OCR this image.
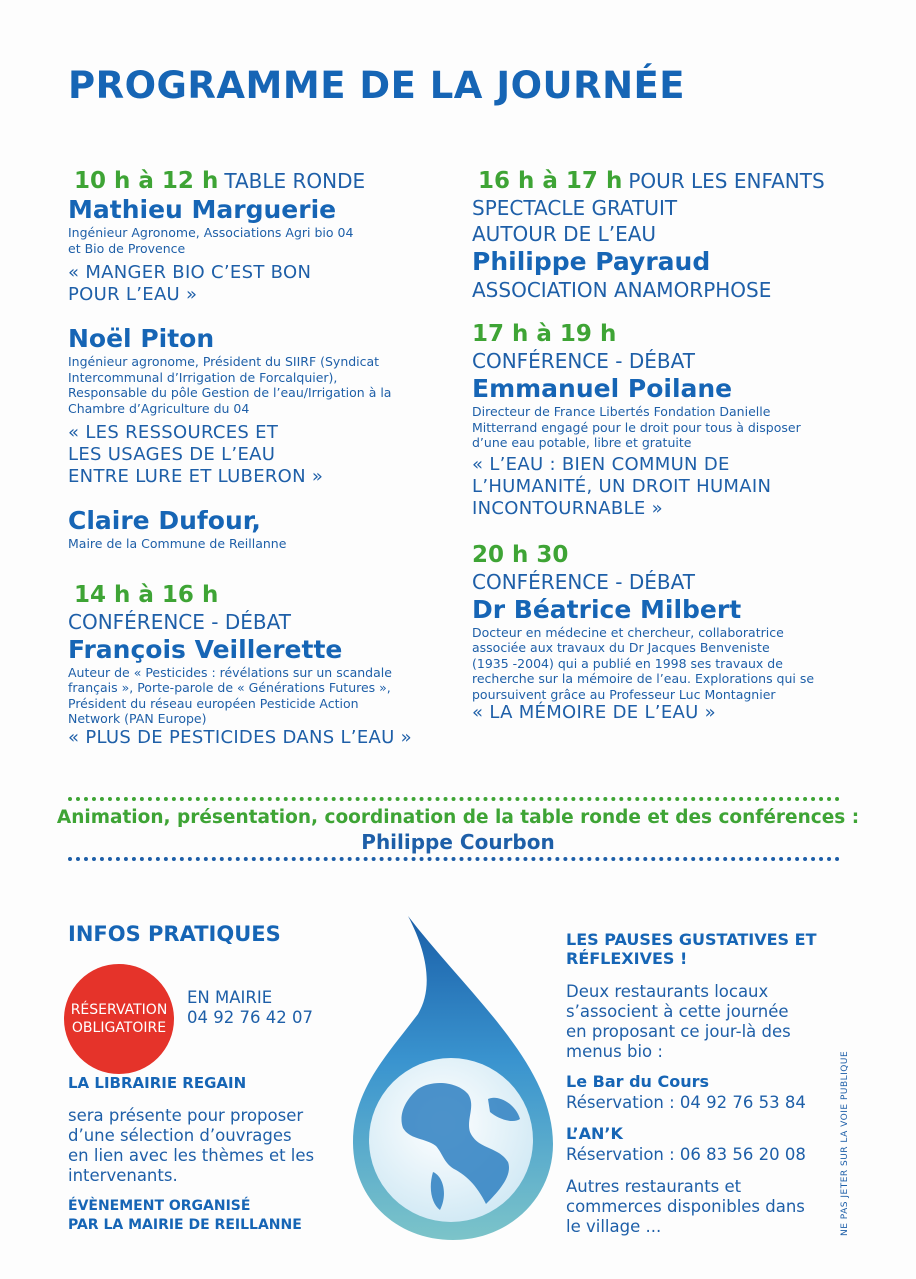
PROGRAMME DE LA JOURNÉE
10 h à 12 h TABLE RONDE
Mathieu Marguerie
Ingénieur Agronome, Associations Agri bio 04
et Bio de Provence
« MANGER BIO C’EST BON
POUR L’EAU »
Noël Piton
Ingénieur agronome, Président du SIIRF (Syndicat
Intercommunal d’Irrigation de Forcalquier),
Responsable du pôle Gestion de l’eau/Irrigation à la
Chambre d’Agriculture du 04
« LES RESSOURCES ET
LES USAGES DE L’EAU
ENTRE LURE ET LUBERON »
Claire Dufour,
Maire de la Commune de Reillanne
14 h à 16 h
CONFÉRENCE - DÉBAT
François Veillerette
Auteur de « Pesticides : révélations sur un scandale
français », Porte-parole de « Générations Futures »,
Président du réseau européen Pesticide Action
Network (PAN Europe)
« PLUS DE PESTICIDES DANS L’EAU »
16 h à 17 h POUR LES ENFANTS
SPECTACLE GRATUIT
AUTOUR DE L’EAU
Philippe Payraud
ASSOCIATION ANAMORPHOSE
17 h à 19 h
CONFÉRENCE - DÉBAT
Emmanuel Poilane
Directeur de France Libertés Fondation Danielle
Mitterrand engagé pour le droit pour tous à disposer
d’une eau potable, libre et gratuite
« L’EAU : BIEN COMMUN DE
L’HUMANITÉ, UN DROIT HUMAIN
INCONTOURNABLE »
20 h 30
CONFÉRENCE - DÉBAT
Dr Béatrice Milbert
Docteur en médecine et chercheur, collaboratrice
associée aux travaux du Dr Jacques Benveniste
(1935 -2004) qui a publié en 1998 ses travaux de
recherche sur la mémoire de l’eau. Explorations qui se
poursuivent grâce au Professeur Luc Montagnier
« LA MÉMOIRE DE L’EAU »
Animation, présentation, coordination de la table ronde et des conférences :
Philippe Courbon
INFOS PRATIQUES
RÉSERVATION
OBLIGATOIRE
EN MAIRIE
04 92 76 42 07
LA LIBRAIRIE REGAIN
sera présente pour proposer
d’une sélection d’ouvrages
en lien avec les thèmes et les
intervenants.
ÉVÈNEMENT ORGANISÉ
PAR LA MAIRIE DE REILLANNE
LES PAUSES GUSTATIVES ET
RÉFLEXIVES !
Deux restaurants locaux
s’associent à cette journée
en proposant ce jour-là des
menus bio :
Le Bar du Cours
Réservation : 04 92 76 53 84
L’AN’K
Réservation : 06 83 56 20 08
Autres restaurants et
commerces disponibles dans
le village ...	NE PAS JETER SUR LA VOIE PUBLIQUE
